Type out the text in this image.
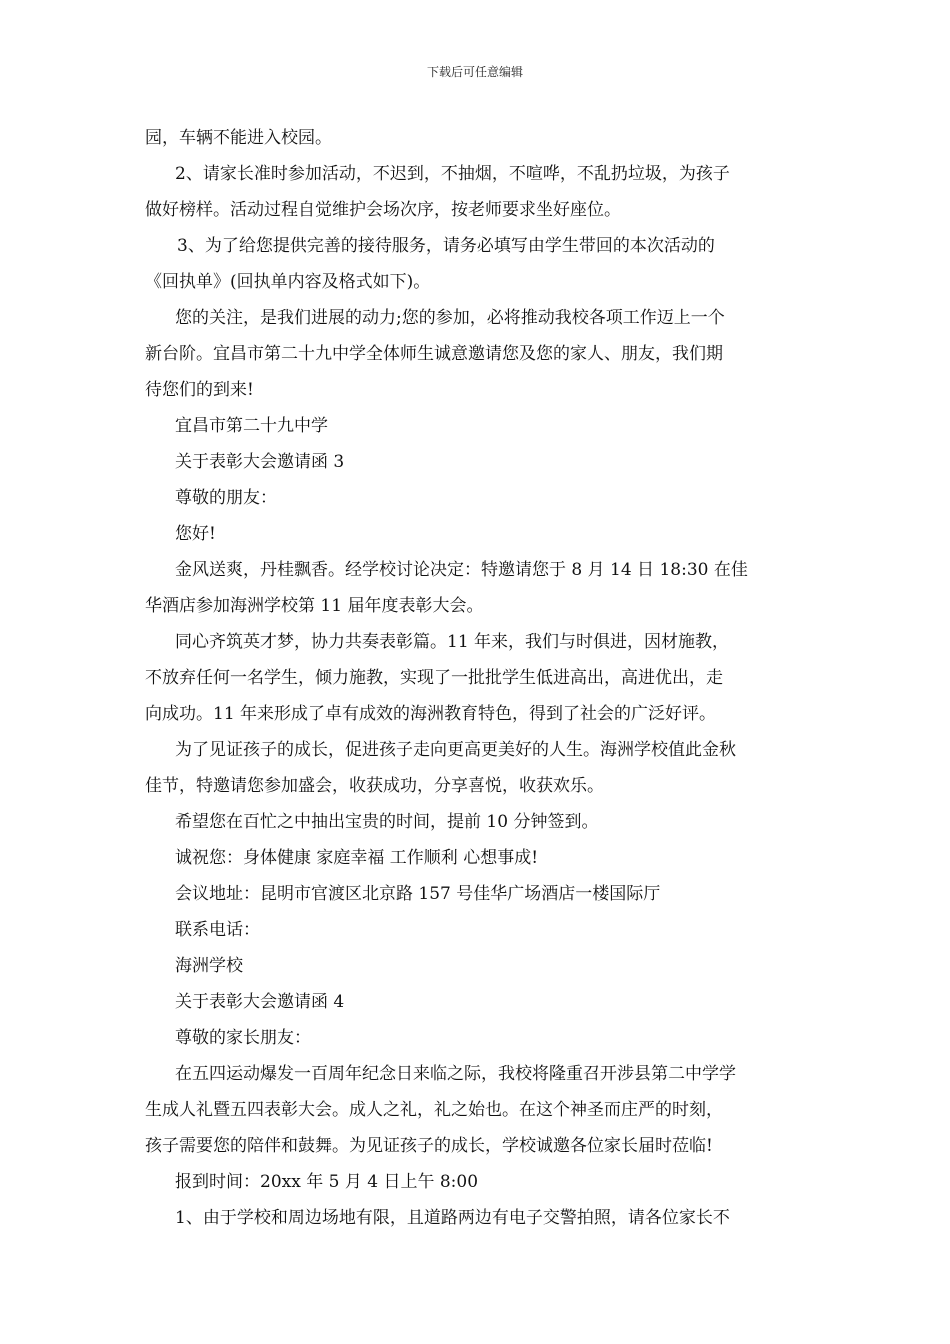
下载后可任意编辑

园，车辆不能进入校园。

2、请家长准时参加活动，不迟到，不抽烟，不喧哗，不乱扔垃圾，为孩子

做好榜样。活动过程自觉维护会场次序，按老师要求坐好座位。

3、为了给您提供完善的接待服务，请务必填写由学生带回的本次活动的

《回执单》(回执单内容及格式如下)。

您的关注，是我们进展的动力;您的参加，必将推动我校各项工作迈上一个

新台阶。宜昌市第二十九中学全体师生诚意邀请您及您的家人、朋友，我们期

待您们的到来!

宜昌市第二十九中学

关于表彰大会邀请函 3

尊敬的朋友：

您好!

金风送爽，丹桂飘香。经学校讨论决定：特邀请您于 8 月 14 日 18:30 在佳

华酒店参加海洲学校第 11 届年度表彰大会。

同心齐筑英才梦，协力共奏表彰篇。11 年来，我们与时俱进，因材施教，

不放弃任何一名学生，倾力施教，实现了一批批学生低进高出，高进优出，走

向成功。11 年来形成了卓有成效的海洲教育特色，得到了社会的广泛好评。

为了见证孩子的成长，促进孩子走向更高更美好的人生。海洲学校值此金秋

佳节，特邀请您参加盛会，收获成功，分享喜悦，收获欢乐。

希望您在百忙之中抽出宝贵的时间，提前 10 分钟签到。

诚祝您：身体健康 家庭幸福 工作顺利 心想事成!

会议地址：昆明市官渡区北京路 157 号佳华广场酒店一楼国际厅

联系电话：

海洲学校

关于表彰大会邀请函 4

尊敬的家长朋友：

在五四运动爆发一百周年纪念日来临之际，我校将隆重召开涉县第二中学学

生成人礼暨五四表彰大会。成人之礼，礼之始也。在这个神圣而庄严的时刻，

孩子需要您的陪伴和鼓舞。为见证孩子的成长，学校诚邀各位家长届时莅临!

报到时间：20xx 年 5 月 4 日上午 8:00

1、由于学校和周边场地有限，且道路两边有电子交警拍照，请各位家长不
